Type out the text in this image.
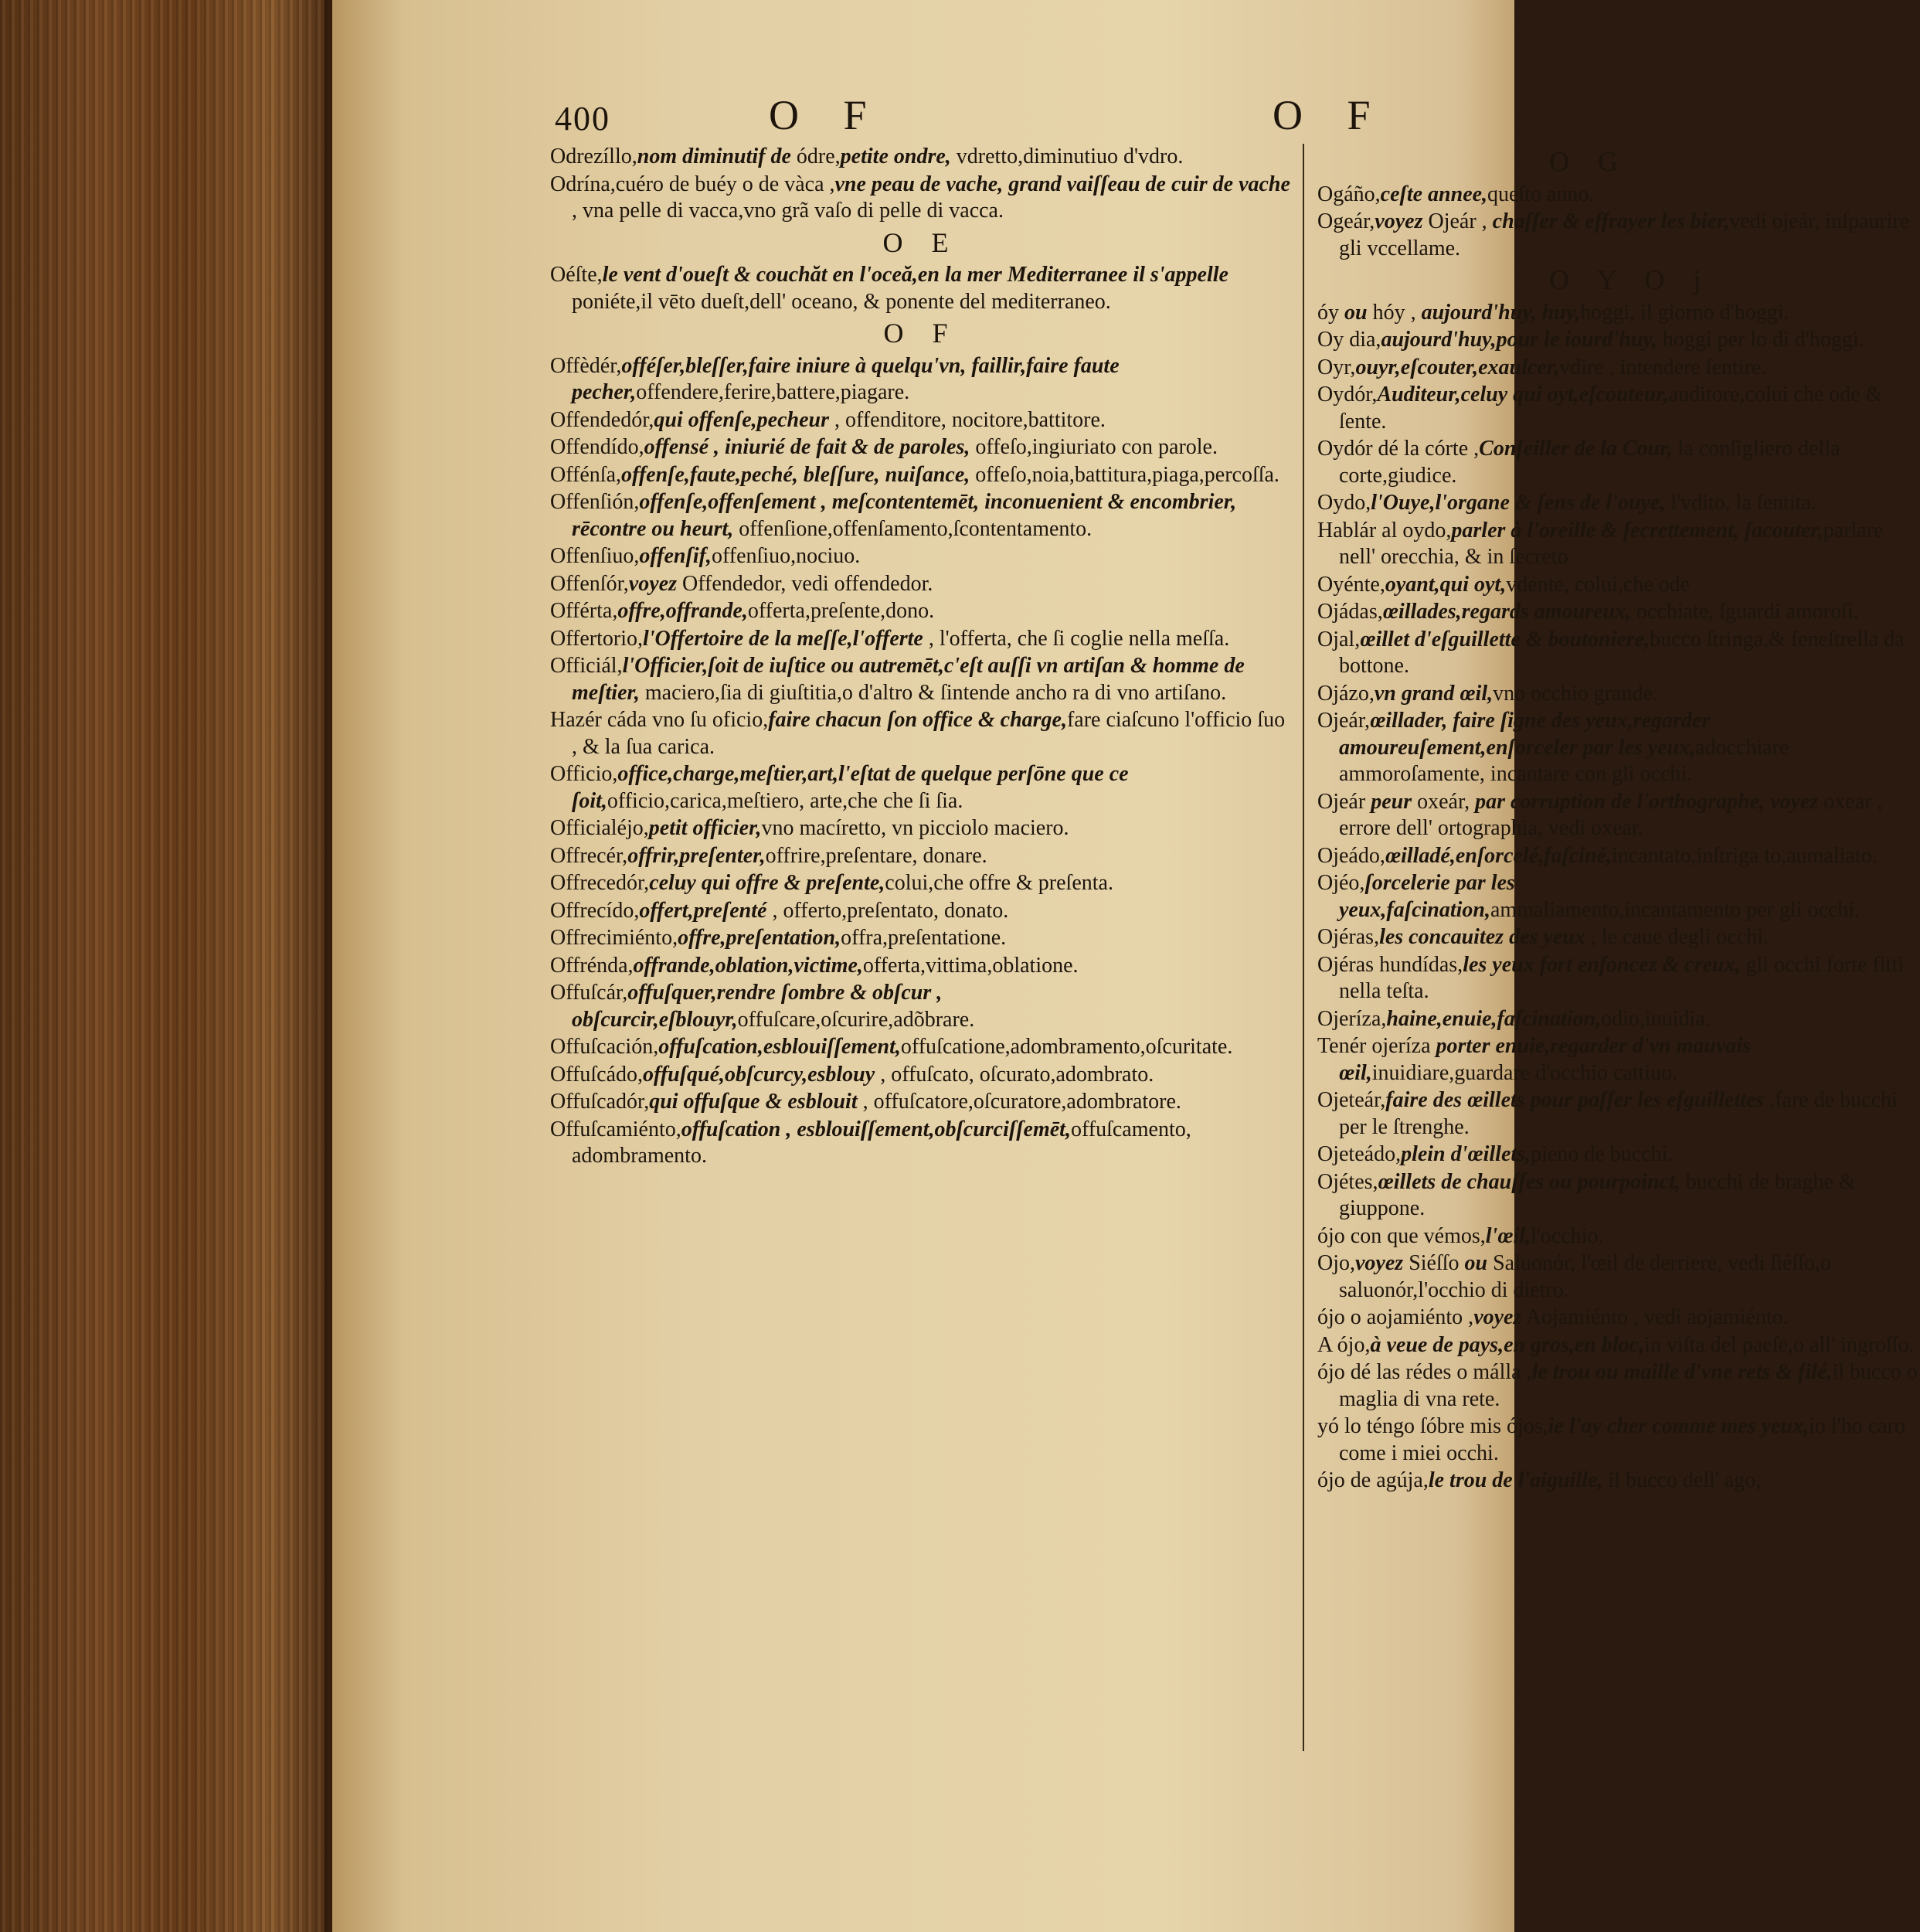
400	O F	O F
Odrezíllo,nom diminutif de ódre,petite ondre, vdretto,diminutiuo d'vdro.
Odrína,cuéro de buéy o de vàca ,vne peau de vache, grand vaiſſeau de cuir de vache , vna pelle di vacca,vno grã vaſo di pelle di vacca.
O E
Oéſte,le vent d'oueſt & couchăt en l'oceă,en la mer Mediterranee il s'appelle poniéte,il vēto dueſt,dell' oceano, & ponente del mediterraneo.
O F
Offèdér,offéſer,bleſſer,faire iniure à quelqu'vn, faillir,faire faute pecher,offendere,ferire,battere,piagare.
Offendedór,qui offenſe,pecheur , offenditore, nocitore,battitore.
Offendído,offensé , iniurié de fait & de paroles, offeſo,ingiuriato con parole.
Offénſa,offenſe,faute,peché, bleſſure, nuiſance, offeſo,noia,battitura,piaga,percoſſa.
Offenſión,offenſe,offenſement , meſcontentemēt, inconuenient & encombrier, rēcontre ou heurt, offenſione,offenſamento,ſcontentamento.
Offenſiuo,offenſif,offenſiuo,nociuo.
Offenſór,voyez Offendedor, vedi offendedor.
Offérta,offre,offrande,offerta,preſente,dono.
Offertorio,l'Offertoire de la meſſe,l'offerte , l'offerta, che ſi coglie nella meſſa.
Officiál,l'Officier,ſoit de iuſtice ou autremēt,c'eſt auſſi vn artiſan & homme de meſtier, maciero,ſia di giuſtitia,o d'altro & ſintende ancho ra di vno artiſano.
Hazér cáda vno ſu oficio,faire chacun ſon office & charge,fare ciaſcuno l'officio ſuo , & la ſua carica.
Officio,office,charge,meſtier,art,l'eſtat de quelque perſōne que ce ſoit,officio,carica,meſtiero, arte,che che ſi ſia.
Officialéjo,petit officier,vno macíretto, vn picciolo maciero.
Offrecér,offrir,preſenter,offrire,preſentare, donare.
Offrecedór,celuy qui offre & preſente,colui,che offre & preſenta.
Offrecído,offert,preſenté , offerto,preſentato, donato.
Offrecimiénto,offre,preſentation,offra,preſentatione.
Offrénda,offrande,oblation,victime,offerta,vittima,oblatione.
Offuſcár,offuſquer,rendre ſombre & obſcur , obſcurcir,eſblouyr,offuſcare,oſcurire,adõbrare.
Offuſcación,offuſcation,esblouiſſement,offuſcatione,adombramento,oſcuritate.
Offuſcádo,offuſqué,obſcurcy,esblouy , offuſcato, oſcurato,adombrato.
Offuſcadór,qui offuſque & esblouit , offuſcatore,oſcuratore,adombratore.
Offuſcamiénto,offuſcation , esblouiſſement,obſcurciſſemēt,offuſcamento, adombramento.
O G
Ogáño,ceſte annee,queſto anno.
Ogeár,voyez Ojeár , chaſſer & effrayer les bier,vedi ojeár, inſpaurire gli vccellame.
O Y O j
óy ou hóy , aujourd'huy, huy,hoggi, il giorno d'hoggi.
Oy dia,aujourd'huy,pour le iourd'huy, hoggi per lo di d'hoggi.
Oyr,ouyr,eſcouter,exaulcer,vdire , intendere ſentire.
Oydór,Auditeur,celuy qui oyt,eſcouteur,auditore,colui che ode & ſente.
Oydór dé la córte ,Conſeiller de la Cour, la conſigliero della corte,giudice.
Oydo,l'Ouye,l'organe & ſens de l'ouye, l'vdito, la ſentita.
Hablár al oydo,parler à l'oreille & ſecrettement, ſacouter,parlare nell' orecchia, & in ſecreto
Oyénte,oyant,qui oyt,vdente, colui,che ode
Ojádas,œillades,regards amoureux, occhiate, ſguardi amoroſi.
Ojal,œillet d'eſguillette & boutoniere,bucco ſtringa,& feneſtrella da bottone.
Ojázo,vn grand œil,vno occhio grande.
Ojeár,œillader, faire ſigne des yeux,regarder amoureuſement,enſorceler par les yeux,adocchiare ammoroſamente, incantare con gli occhi.
Ojeár peur oxeár, par corruption de l'orthographe, voyez oxear , errore dell' ortographia, vedi oxear.
Ojeádo,œilladé,enſorcelé,faſciné,incantato,inſtriga to,aumaliato.
Ojéo,ſorcelerie par les yeux,faſcination,ammaliamento,incantamento per gli occhi.
Ojéras,les concauitez des yeux , le caue degli occhi.
Ojéras hundídas,les yeux fort enfoncez & creux, gli occhi forte fitti nella teſta.
Ojeríza,haine,enuie,faſcination,odio,inuidia.
Tenér ojeríza porter enuie,regarder d'vn mauvais œil,inuidiare,guardare d'occhio cattiuo.
Ojeteár,faire des œillets pour paſſer les eſguillettes ,fare de bucchi per le ſtrenghe.
Ojeteádo,plein d'œillets,pieno de bucchi.
Ojétes,œillets de chauſſes ou pourpoinct, bucchi de braghe & giuppone.
ójo con que vémos,l'œil,l'occhio.
Ojo,voyez Siéſſo ou Saluonór, l'œil de derriere, vedi ſiéſſo,o saluonór,l'occhio di dietro.
ójo o aojamiénto ,voyez Aojamiénto , vedi aojamiénto.
A ójo,à veue de pays,en gros,en bloc,in viſta del paeſe,o all' ingroſſo.
ójo dé las rédes o málla ,le trou ou maille d'vne rets & filé,il bucco o maglia di vna rete.
yó lo téngo ſóbre mis ójos,ie l'ay cher comme mes yeux,io l'ho caro come i miei occhi.
ójo de agúja,le trou de l'aiguille, il bucco dell' ago,
